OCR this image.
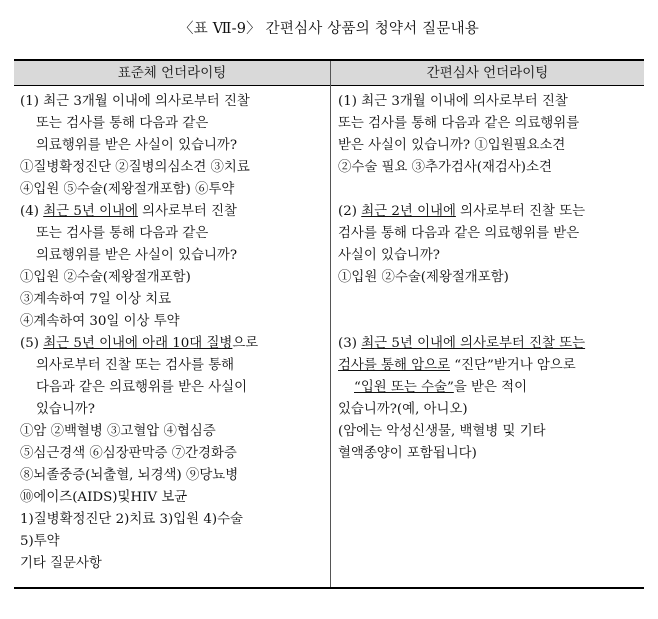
〈표 Ⅶ-9〉 간편심사 상품의 청약서 질문내용
표준체 언더라이팅	간편심사 언더라이팅
(1) 최근 3개월 이내에 의사로부터 진찰
또는 검사를 통해 다음과 같은
의료행위를 받은 사실이 있습니까?
①질병확정진단 ②질병의심소견 ③치료
④입원 ⑤수술(제왕절개포함) ⑥투약
(4) 최근 5년 이내에 의사로부터 진찰
또는 검사를 통해 다음과 같은
의료행위를 받은 사실이 있습니까?
①입원 ②수술(제왕절개포함)
③계속하여 7일 이상 치료
④계속하여 30일 이상 투약
(5) 최근 5년 이내에 아래 10대 질병으로
의사로부터 진찰 또는 검사를 통해
다음과 같은 의료행위를 받은 사실이
있습니까?
①암 ②백혈병 ③고혈압 ④협심증
⑤심근경색 ⑥심장판막증 ⑦간경화증
⑧뇌졸중증(뇌출혈, 뇌경색) ⑨당뇨병
⑩에이즈(AIDS)및HIV 보균
1)질병확정진단 2)치료 3)입원 4)수술
5)투약
기타 질문사항
(1) 최근 3개월 이내에 의사로부터 진찰
또는 검사를 통해 다음과 같은 의료행위를
받은 사실이 있습니까? ①입원필요소견
②수술 필요 ③추가검사(재검사)소견
(2) 최근 2년 이내에 의사로부터 진찰 또는
검사를 통해 다음과 같은 의료행위를 받은
사실이 있습니까?
①입원 ②수술(제왕절개포함)
(3) 최근 5년 이내에 의사로부터 진찰 또는
검사를 통해 암으로 “진단”받거나 암으로
“입원 또는 수술”을 받은 적이
있습니까?(예, 아니오)
(암에는 악성신생물, 백혈병 및 기타
혈액종양이 포함됩니다)
